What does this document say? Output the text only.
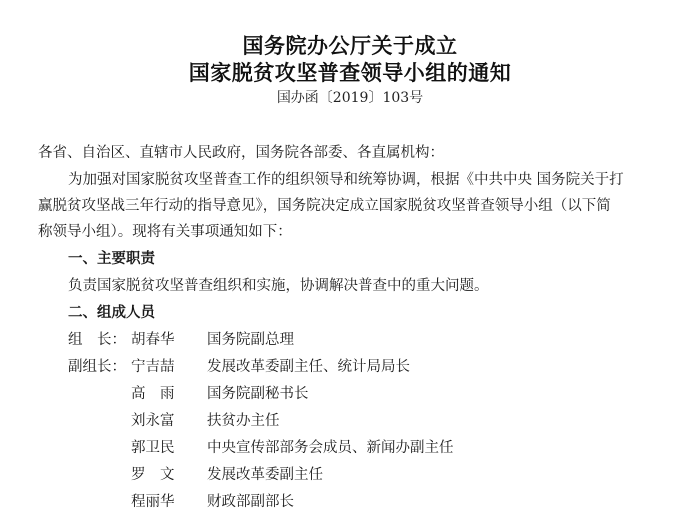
国务院办公厅关于成立
国家脱贫攻坚普查领导小组的通知
国办函〔2019〕103号
各省、自治区、直辖市人民政府，国务院各部委、各直属机构：
为加强对国家脱贫攻坚普查工作的组织领导和统筹协调，根据《中共中央 国务院关于打
赢脱贫攻坚战三年行动的指导意见》，国务院决定成立国家脱贫攻坚普查领导小组（以下简
称领导小组）。现将有关事项通知如下：
一、主要职责
负责国家脱贫攻坚普查组织和实施，协调解决普查中的重大问题。
二、组成人员
组　长： 胡春华 国务院副总理
副组长： 宁吉喆 发展改革委副主任、统计局局长
高　雨 国务院副秘书长
刘永富 扶贫办主任
郭卫民 中央宣传部部务会成员、新闻办副主任
罗　文 发展改革委副主任
程丽华 财政部副部长
